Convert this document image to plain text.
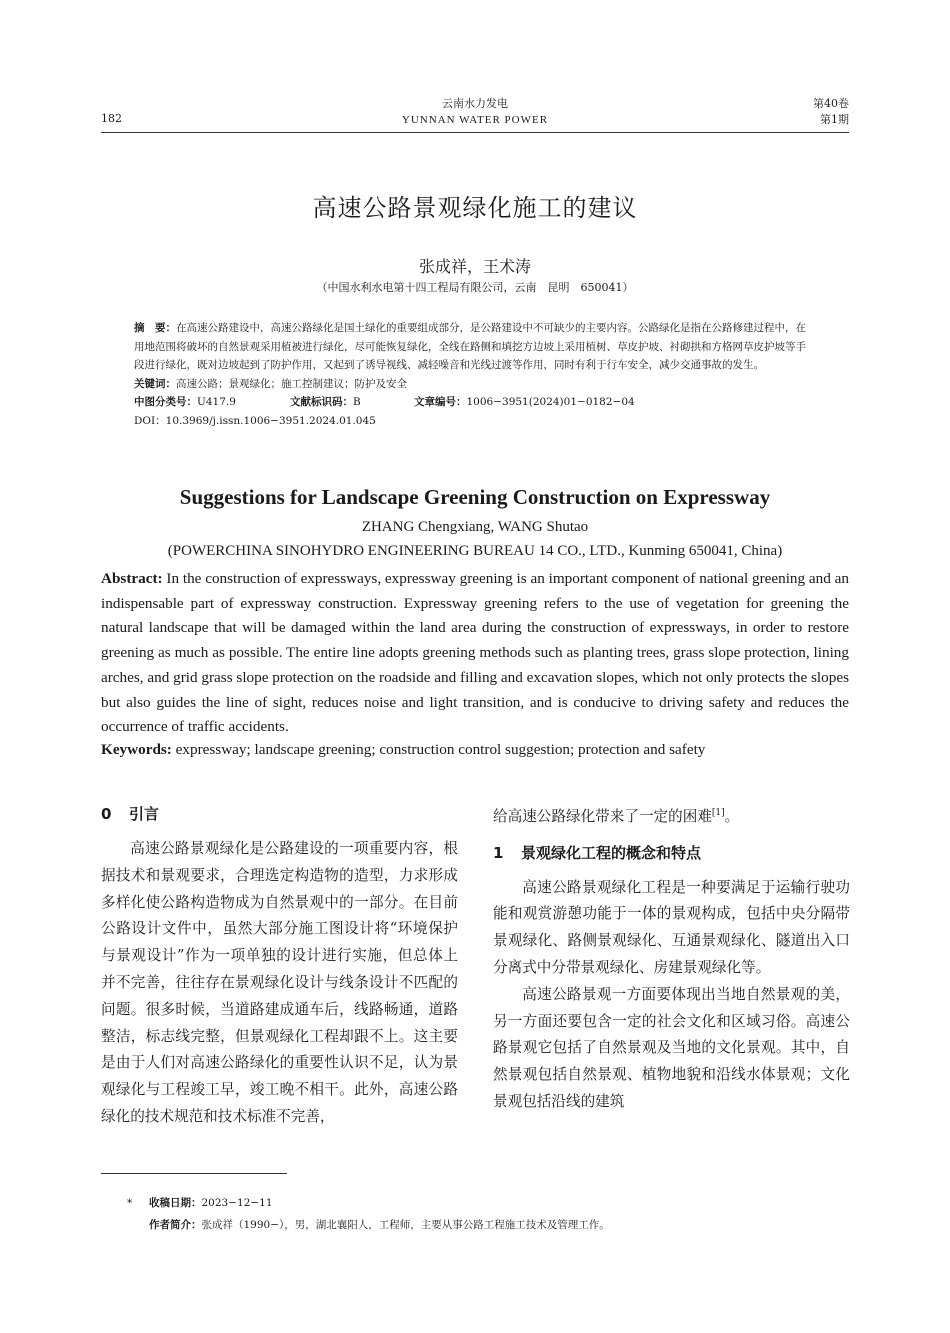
182
云南水力发电
YUNNAN WATER POWER
第40卷
第1期
高速公路景观绿化施工的建议
张成祥，王术涛
（中国水利水电第十四工程局有限公司，云南　昆明　650041）
摘　要：在高速公路建设中，高速公路绿化是国土绿化的重要组成部分，是公路建设中不可缺少的主要内容。公路绿化是指在公路修建过程中，在用地范围将破坏的自然景观采用植被进行绿化，尽可能恢复绿化，全线在路侧和填挖方边坡上采用植树、草皮护坡、衬砌拱和方格网草皮护坡等手段进行绿化，既对边坡起到了防护作用，又起到了诱导视线、减轻噪音和光线过渡等作用，同时有利于行车安全，减少交通事故的发生。
关键词：高速公路；景观绿化；施工控制建议；防护及安全
中图分类号：U417.9	文献标识码：B	文章编号：1006−3951(2024)01−0182−04
DOI：10.3969/j.issn.1006−3951.2024.01.045
Suggestions for Landscape Greening Construction on Expressway
ZHANG Chengxiang, WANG Shutao
(POWERCHINA SINOHYDRO ENGINEERING BUREAU 14 CO., LTD., Kunming 650041, China)
Abstract: In the construction of expressways, expressway greening is an important component of national greening and an indispensable part of expressway construction. Expressway greening refers to the use of vegetation for greening the natural landscape that will be damaged within the land area during the construction of expressways, in order to restore greening as much as possible. The entire line adopts greening methods such as planting trees, grass slope protection, lining arches, and grid grass slope protection on the roadside and filling and excavation slopes, which not only protects the slopes but also guides the line of sight, reduces noise and light transition, and is conducive to driving safety and reduces the occurrence of traffic accidents.
Keywords: expressway; landscape greening; construction control suggestion; protection and safety
0 引言

高速公路景观绿化是公路建设的一项重要内容，根据技术和景观要求，合理选定构造物的造型，力求形成多样化使公路构造物成为自然景观中的一部分。在目前公路设计文件中，虽然大部分施工图设计将“环境保护与景观设计”作为一项单独的设计进行实施，但总体上并不完善，往往存在景观绿化设计与线条设计不匹配的问题。很多时候，当道路建成通车后，线路畅通，道路整洁，标志线完整，但景观绿化工程却跟不上。这主要是由于人们对高速公路绿化的重要性认识不足，认为景观绿化与工程竣工早，竣工晚不相干。此外，高速公路绿化的技术规范和技术标准不完善，

给高速公路绿化带来了一定的困难[1]。

1 景观绿化工程的概念和特点

高速公路景观绿化工程是一种要满足于运输行驶功能和观赏游憩功能于一体的景观构成，包括中央分隔带景观绿化、路侧景观绿化、互通景观绿化、隧道出入口分离式中分带景观绿化、房建景观绿化等。

高速公路景观一方面要体现出当地自然景观的美，另一方面还要包含一定的社会文化和区域习俗。高速公路景观它包括了自然景观及当地的文化景观。其中，自然景观包括自然景观、植物地貌和沿线水体景观；文化景观包括沿线的建筑

* 收稿日期：2023−12−11
作者简介：张成祥（1990−），男，湖北襄阳人，工程师，主要从事公路工程施工技术及管理工作。
